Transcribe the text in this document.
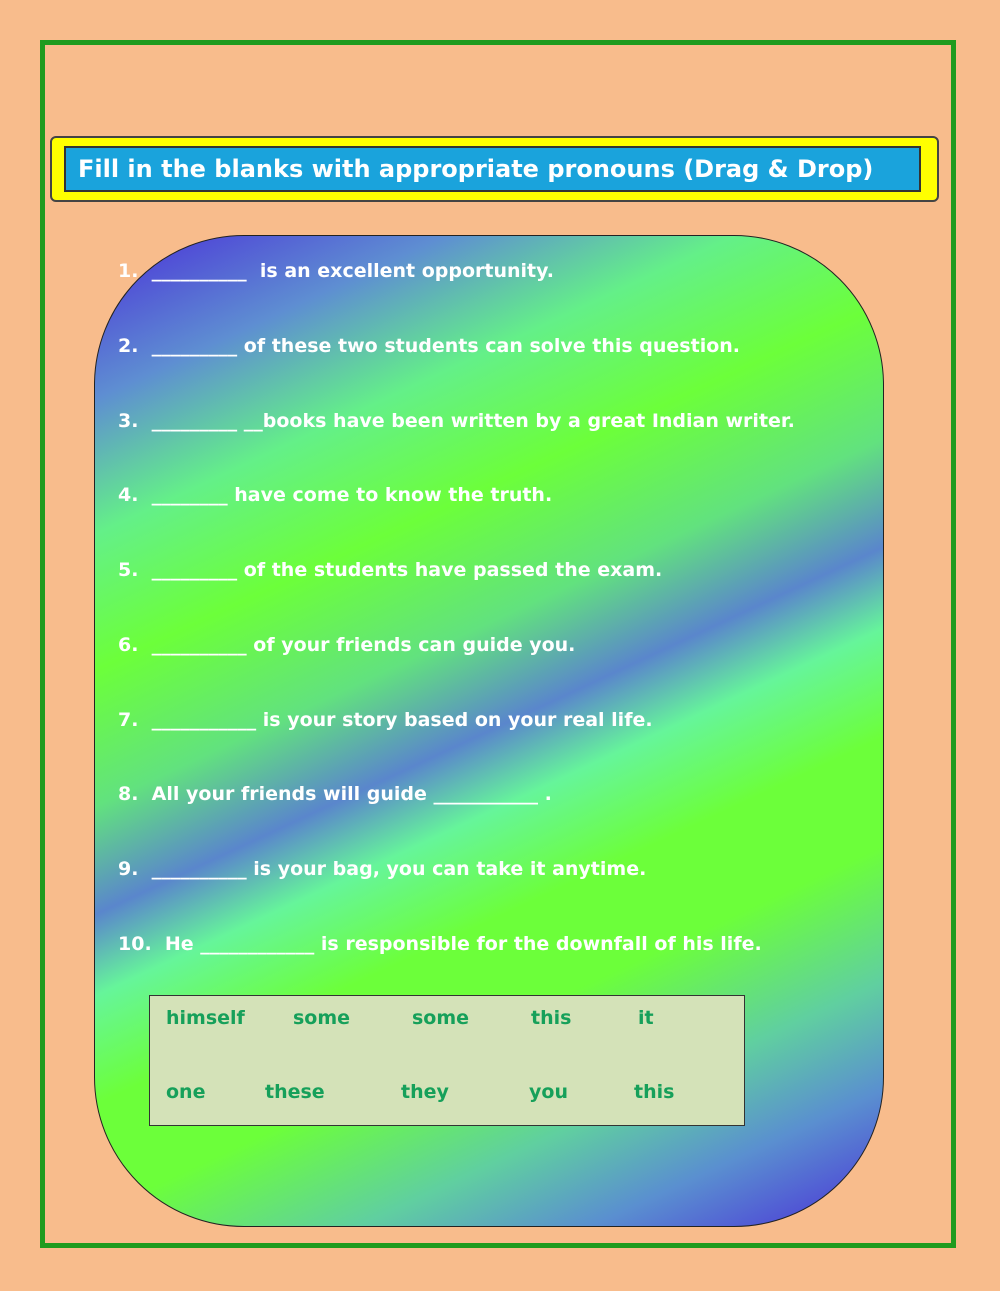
Fill in the blanks with appropriate pronouns (Drag & Drop)
1.  __________  is an excellent opportunity.
2.  _________ of these two students can solve this question.
3.  _________ __books have been written by a great Indian writer.
4.  ________ have come to know the truth.
5.  _________ of the students have passed the exam.
6.  __________ of your friends can guide you.
7.  ___________ is your story based on your real life.
8.  All your friends will guide ___________ .
9.  __________ is your bag, you can take it anytime.
10.  He ____________ is responsible for the downfall of his life.
himself	some	some	this	it
one	these	they	you	this
